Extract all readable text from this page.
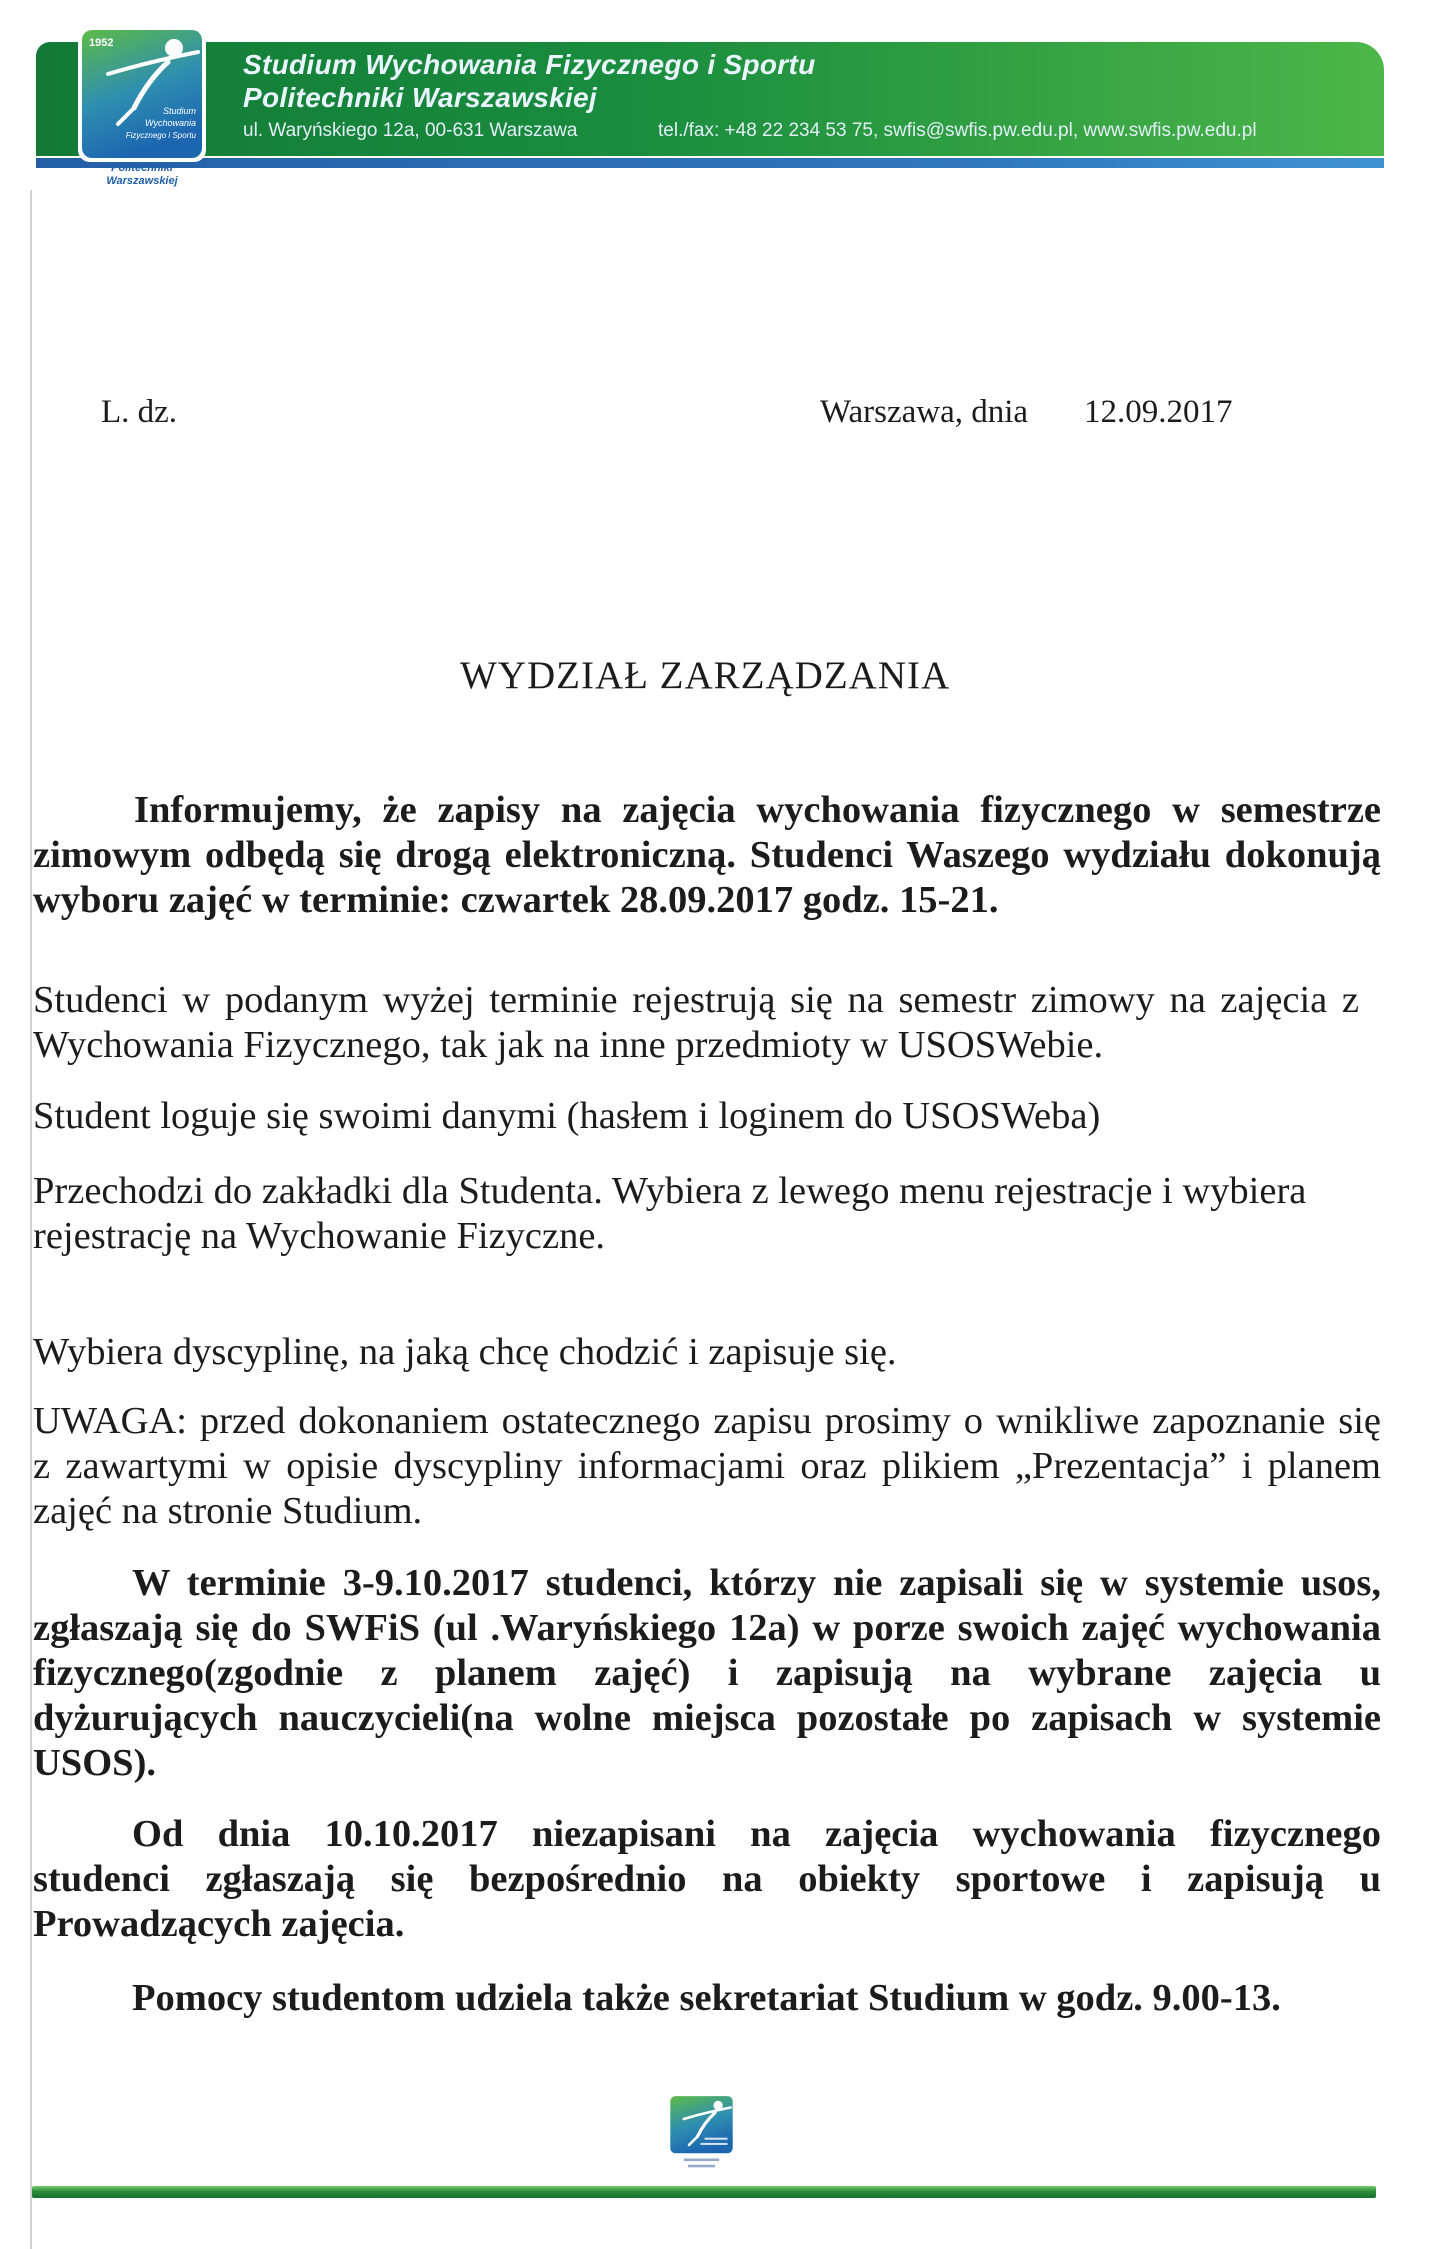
Studium Wychowania Fizycznego i Sportu
Politechniki Warszawskiej
ul. Waryńskiego 12a, 00-631 Warszawa	tel./fax: +48 22 234 53 75, swfis@swfis.pw.edu.pl, www.swfis.pw.edu.pl
1952
Studium
Wychowania
Fizycznego i Sportu
Politechniki
Warszawskiej
L. dz.	Warszawa, dnia 12.09.2017
WYDZIAŁ ZARZĄDZANIA
Informujemy, że zapisy na zajęcia wychowania fizycznego w semestrze
zimowym odbędą się drogą elektroniczną. Studenci Waszego wydziału dokonują
wyboru zajęć w terminie: czwartek 28.09.2017 godz. 15-21.
Studenci w podanym wyżej terminie rejestrują się na semestr zimowy na zajęcia z
Wychowania Fizycznego, tak jak na inne przedmioty w USOSWebie.
Student loguje się swoimi danymi (hasłem i loginem do USOSWeba)
Przechodzi do zakładki dla Studenta. Wybiera z lewego menu rejestracje i wybiera
rejestrację na Wychowanie Fizyczne.
Wybiera dyscyplinę, na jaką chcę chodzić i zapisuje się.
UWAGA: przed dokonaniem ostatecznego zapisu prosimy o wnikliwe zapoznanie się
z zawartymi w opisie dyscypliny informacjami oraz plikiem „Prezentacja” i planem
zajęć na stronie Studium.
W terminie 3-9.10.2017 studenci, którzy nie zapisali się w systemie usos,
zgłaszają się do SWFiS (ul .Waryńskiego 12a) w porze swoich zajęć wychowania
fizycznego(zgodnie z planem zajęć) i zapisują na wybrane zajęcia u
dyżurujących nauczycieli(na wolne miejsca pozostałe po zapisach w systemie
USOS).
Od dnia 10.10.2017 niezapisani na zajęcia wychowania fizycznego
studenci zgłaszają się bezpośrednio na obiekty sportowe i zapisują u
Prowadzących zajęcia.
Pomocy studentom udziela także sekretariat Studium w godz. 9.00-13.
